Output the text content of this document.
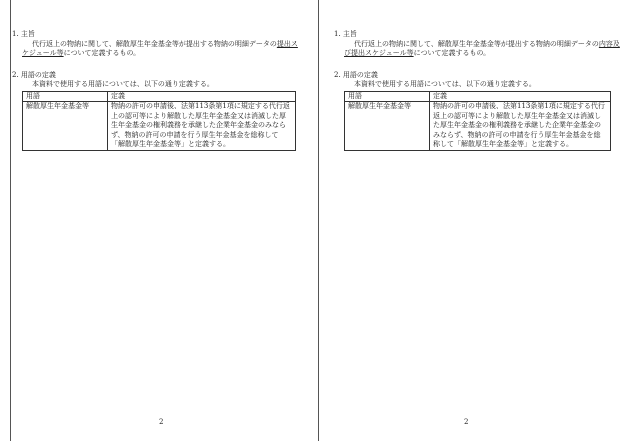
1. 主旨

代行返上の物納に関して、解散厚生年金基金等が提出する物納の明細データの提出スケジュール等について定義するもの。

2. 用語の定義

本資料で使用する用語については、以下の通り定義する。

用語	定義
解散厚生年金基金等	物納の許可の申請後、法第113条第1項に規定する代行返上の認可等により解散した厚生年金基金又は消滅した厚生年金基金の権利義務を承継した企業年金基金のみならず、物納の許可の申請を行う厚生年金基金を総称して「解散厚生年金基金等」と定義する。
2

1. 主旨

代行返上の物納に関して、解散厚生年金基金等が提出する物納の明細データの内容及び提出スケジュール等について定義するもの。

2. 用語の定義

本資料で使用する用語については、以下の通り定義する。

用語	定義
解散厚生年金基金等	物納の許可の申請後、法第113条第1項に規定する代行返上の認可等により解散した厚生年金基金又は消滅した厚生年金基金の権利義務を承継した企業年金基金のみならず、物納の許可の申請を行う厚生年金基金を総称して「解散厚生年金基金等」と定義する。
2
